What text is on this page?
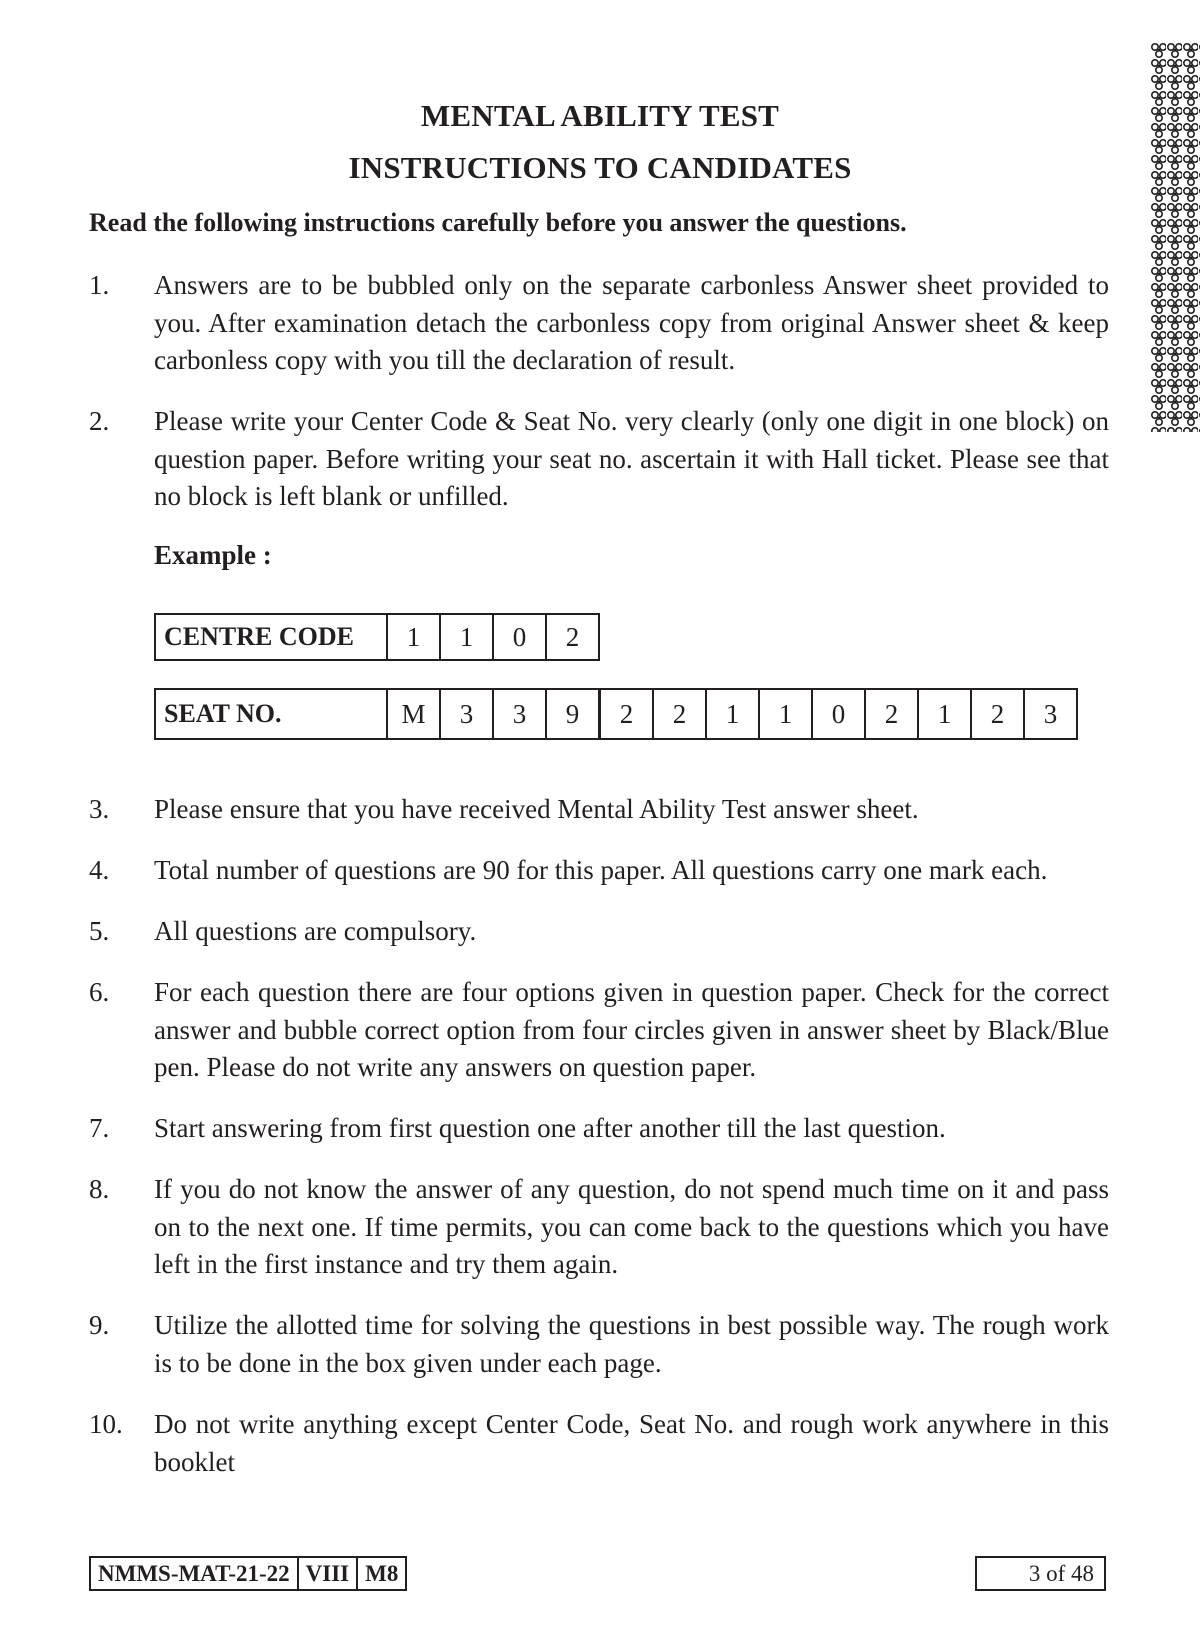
MENTAL ABILITY TEST
INSTRUCTIONS TO CANDIDATES
Read the following instructions carefully before you answer the questions.
1.	Answers are to be bubbled only on the separate carbonless Answer sheet provided to you. After examination detach the carbonless copy from original Answer sheet & keep carbonless copy with you till the declaration of result.
2.	Please write your Center Code & Seat No. very clearly (only one digit in one block) on question paper. Before writing your seat no. ascertain it with Hall ticket. Please see that no block is left blank or unfilled.
Example :
CENTRE CODE	1	1	0	2
SEAT NO.	M	3	3	9	2	2	1	1	0	2	1	2	3
3.	Please ensure that you have received Mental Ability Test answer sheet.
4.	Total number of questions are 90 for this paper. All questions carry one mark each.
5.	All questions are compulsory.
6.	For each question there are four options given in question paper. Check for the correct answer and bubble correct option from four circles given in answer sheet by Black/Blue pen. Please do not write any answers on question paper.
7.	Start answering from first question one after another till the last question.
8.	If you do not know the answer of any question, do not spend much time on it and pass on to the next one. If time permits, you can come back to the questions which you have left in the first instance and try them again.
9.	Utilize the allotted time for solving the questions in best possible way. The rough work is to be done in the box given under each page.
10.	Do not write anything except Center Code, Seat No. and rough work anywhere in this booklet
NMMS-MAT-21-22 VIII M8	3 of 48
